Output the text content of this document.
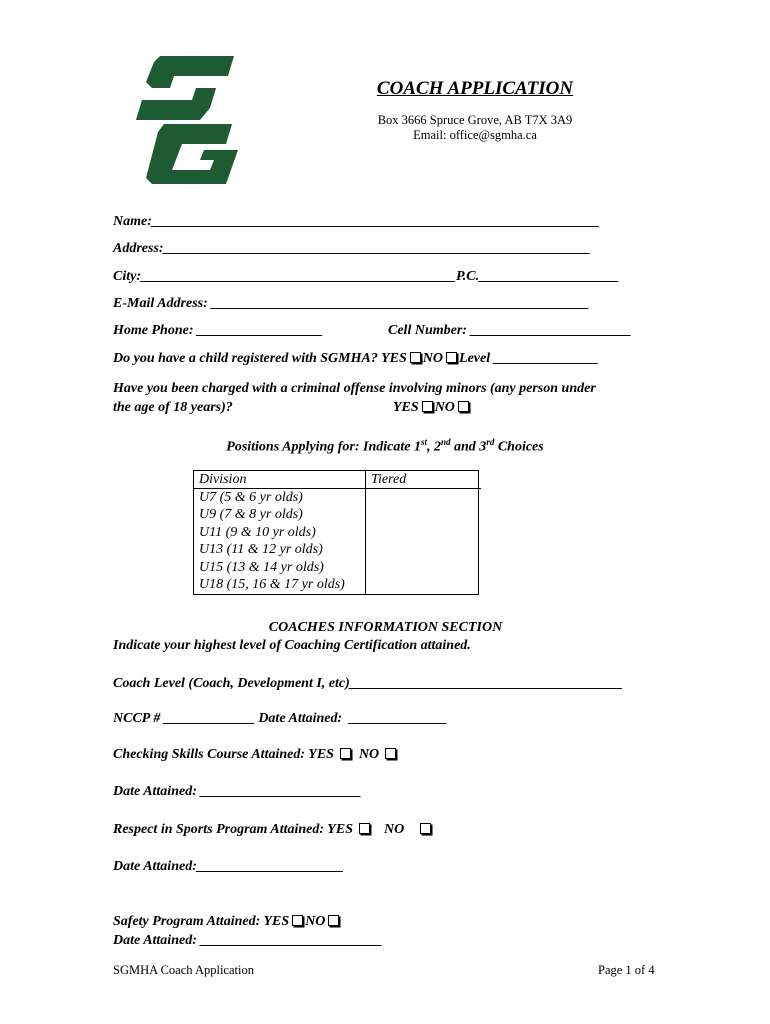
COACH APPLICATION
Box 3666 Spruce Grove, AB T7X 3A9
Email: office@sgmha.ca
Name:________________________________________________________________
Address:_____________________________________________________________
City:_____________________________________________P.C.____________________
E-Mail Address: ______________________________________________________
Home Phone: __________________	Cell Number: _______________________
Do you have a child registered with SGMHA? YES NO Level _______________
Have you been charged with a criminal offense involving minors (any person under
the age of 18 years)?	YES NO
Positions Applying for: Indicate 1st, 2nd and 3rd Choices
Division	Tiered
U7 (5 & 6 yr olds)	
U9 (7 & 8 yr olds)	
U11 (9 & 10 yr olds)	
U13 (11 & 12 yr olds)	
U15 (13 & 14 yr olds)	
U18 (15, 16 & 17 yr olds)	
COACHES INFORMATION SECTION
Indicate your highest level of Coaching Certification attained.
Coach Level (Coach, Development I, etc)_______________________________________
NCCP # _____________ Date Attained:  ______________
Checking Skills Course Attained: YES NO
Date Attained: _______________________
Respect in Sports Program Attained: YES NO
Date Attained:_____________________
Safety Program Attained: YES NO
Date Attained: __________________________
SGMHA Coach Application	Page 1 of 4
